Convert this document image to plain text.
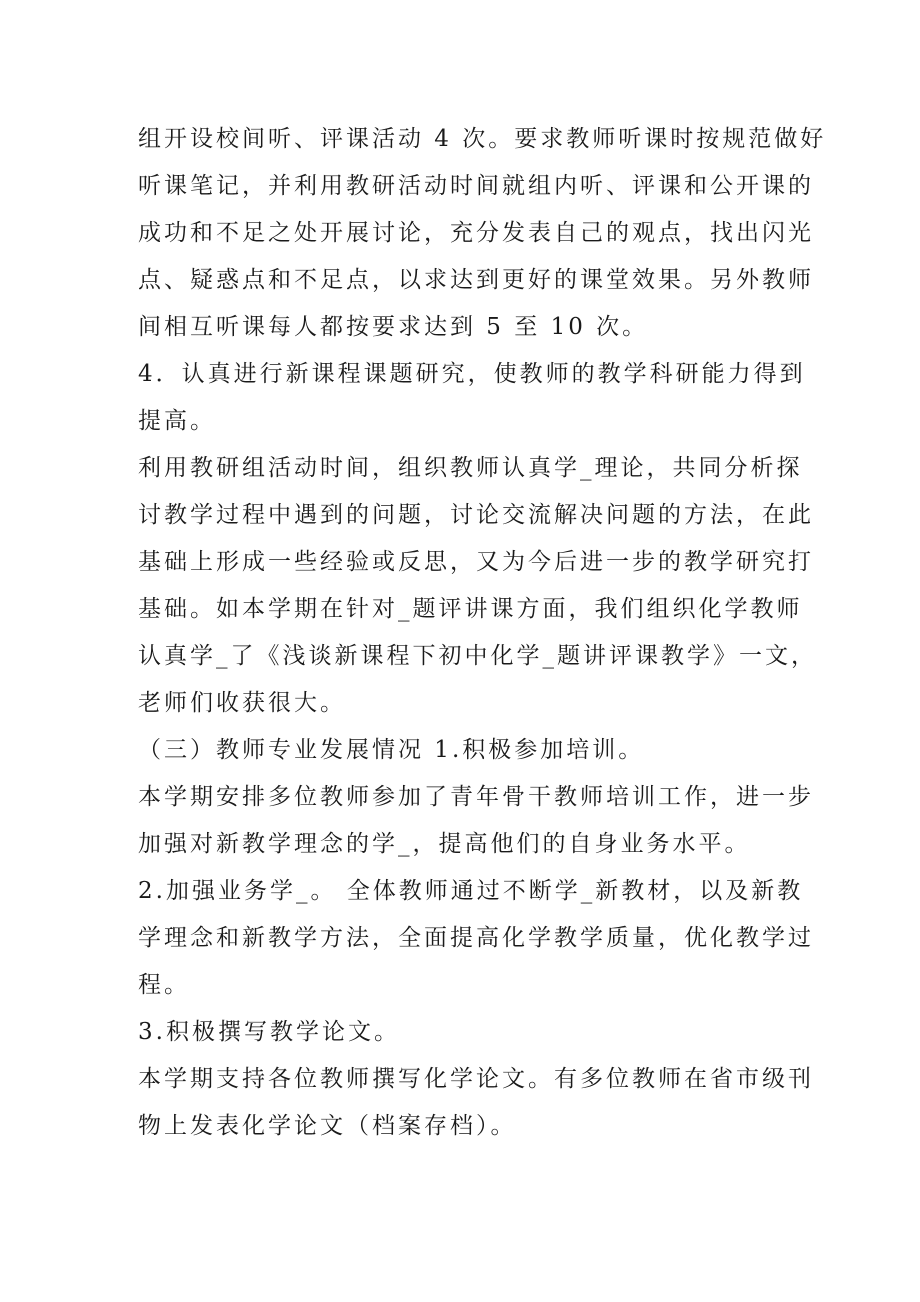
组开设校间听、评课活动 4 次。要求教师听课时按规范做好
听课笔记，并利用教研活动时间就组内听、评课和公开课的
成功和不足之处开展讨论，充分发表自己的观点，找出闪光
点、疑惑点和不足点，以求达到更好的课堂效果。另外教师
间相互听课每人都按要求达到 5 至 10 次。
4．认真进行新课程课题研究，使教师的教学科研能力得到
提高。
利用教研组活动时间，组织教师认真学_理论，共同分析探
讨教学过程中遇到的问题，讨论交流解决问题的方法，在此
基础上形成一些经验或反思，又为今后进一步的教学研究打
基础。如本学期在针对_题评讲课方面，我们组织化学教师
认真学_了《浅谈新课程下初中化学_题讲评课教学》一文，
老师们收获很大。
（三）教师专业发展情况 1.积极参加培训。
本学期安排多位教师参加了青年骨干教师培训工作，进一步
加强对新教学理念的学_，提高他们的自身业务水平。
2.加强业务学_。 全体教师通过不断学_新教材，以及新教
学理念和新教学方法，全面提高化学教学质量，优化教学过
程。
3.积极撰写教学论文。
本学期支持各位教师撰写化学论文。有多位教师在省市级刊
物上发表化学论文（档案存档）。
